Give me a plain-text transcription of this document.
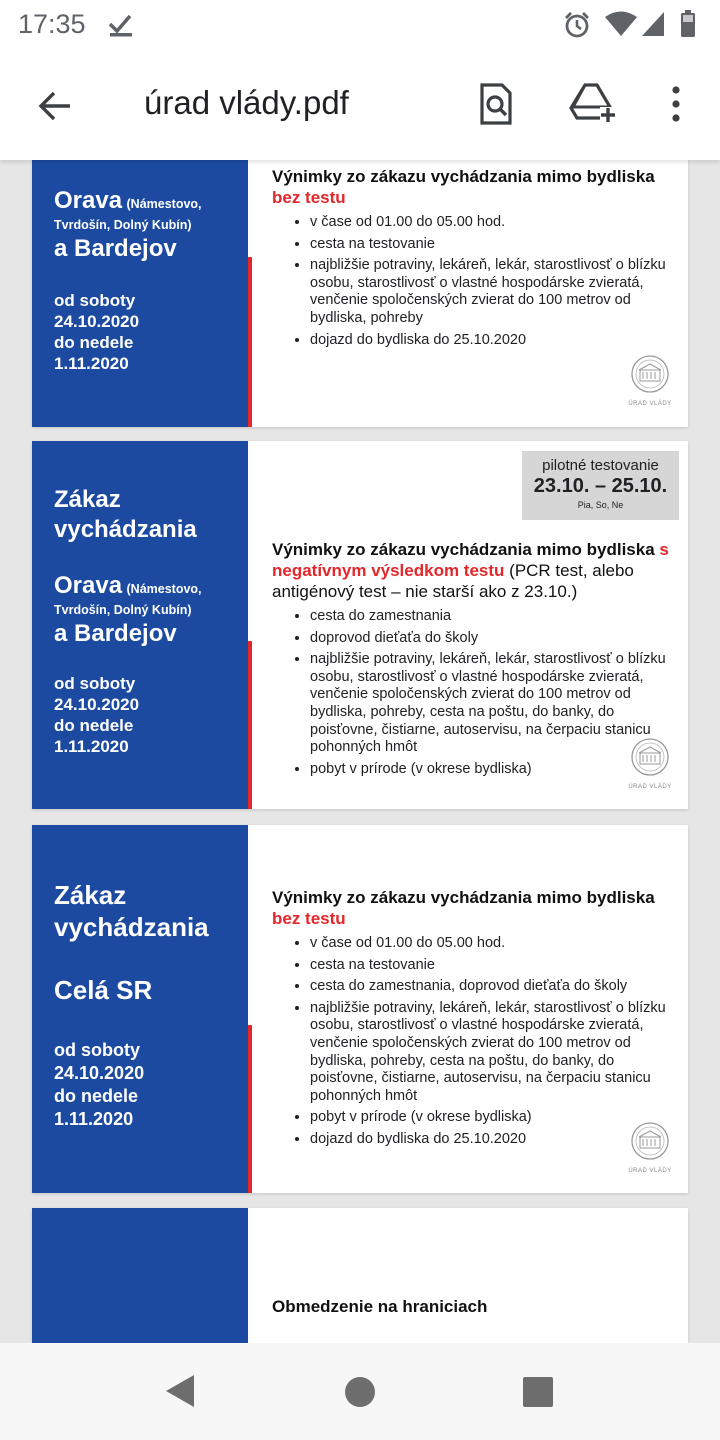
17:35
úrad vlády.pdf
Orava (Námestovo,
Tvrdošín, Dolný Kubín)
a Bardejov
od soboty
24.10.2020
do nedele
1.11.2020
Výnimky zo zákazu vychádzania mimo bydliska bez testu
• v čase od 01.00 do 05.00 hod.
• cesta na testovanie
• najbližšie potraviny, lekáreň, lekár, starostlivosť o blízku osobu, starostlivosť o vlastné hospodárske zvieratá, venčenie spoločenských zvierat do 100 metrov od bydliska, pohreby
• dojazd do bydliska do 25.10.2020
ÚRAD VLÁDY
Zákaz
vychádzania
Orava (Námestovo,
Tvrdošín, Dolný Kubín)
a Bardejov
od soboty
24.10.2020
do nedele
1.11.2020
pilotné testovanie
23.10. – 25.10.
Pia, So, Ne
Výnimky zo zákazu vychádzania mimo bydliska s negatívnym výsledkom testu (PCR test, alebo antigénový test – nie starší ako z 23.10.)
• cesta do zamestnania
• doprovod dieťaťa do školy
• najbližšie potraviny, lekáreň, lekár, starostlivosť o blízku osobu, starostlivosť o vlastné hospodárske zvieratá, venčenie spoločenských zvierat do 100 metrov od bydliska, pohreby, cesta na poštu, do banky, do poisťovne, čistiarne, autoservisu, na čerpaciu stanicu pohonných hmôt
• pobyt v prírode (v okrese bydliska)
ÚRAD VLÁDY
Zákaz
vychádzania
Celá SR
od soboty
24.10.2020
do nedele
1.11.2020
Výnimky zo zákazu vychádzania mimo bydliska bez testu
• v čase od 01.00 do 05.00 hod.
• cesta na testovanie
• cesta do zamestnania, doprovod dieťaťa do školy
• najbližšie potraviny, lekáreň, lekár, starostlivosť o blízku osobu, starostlivosť o vlastné hospodárske zvieratá, venčenie spoločenských zvierat do 100 metrov od bydliska, pohreby, cesta na poštu, do banky, do poisťovne, čistiarne, autoservisu, na čerpaciu stanicu pohonných hmôt
• pobyt v prírode (v okrese bydliska)
• dojazd do bydliska do 25.10.2020
ÚRAD VLÁDY
Obmedzenie na hraniciach
